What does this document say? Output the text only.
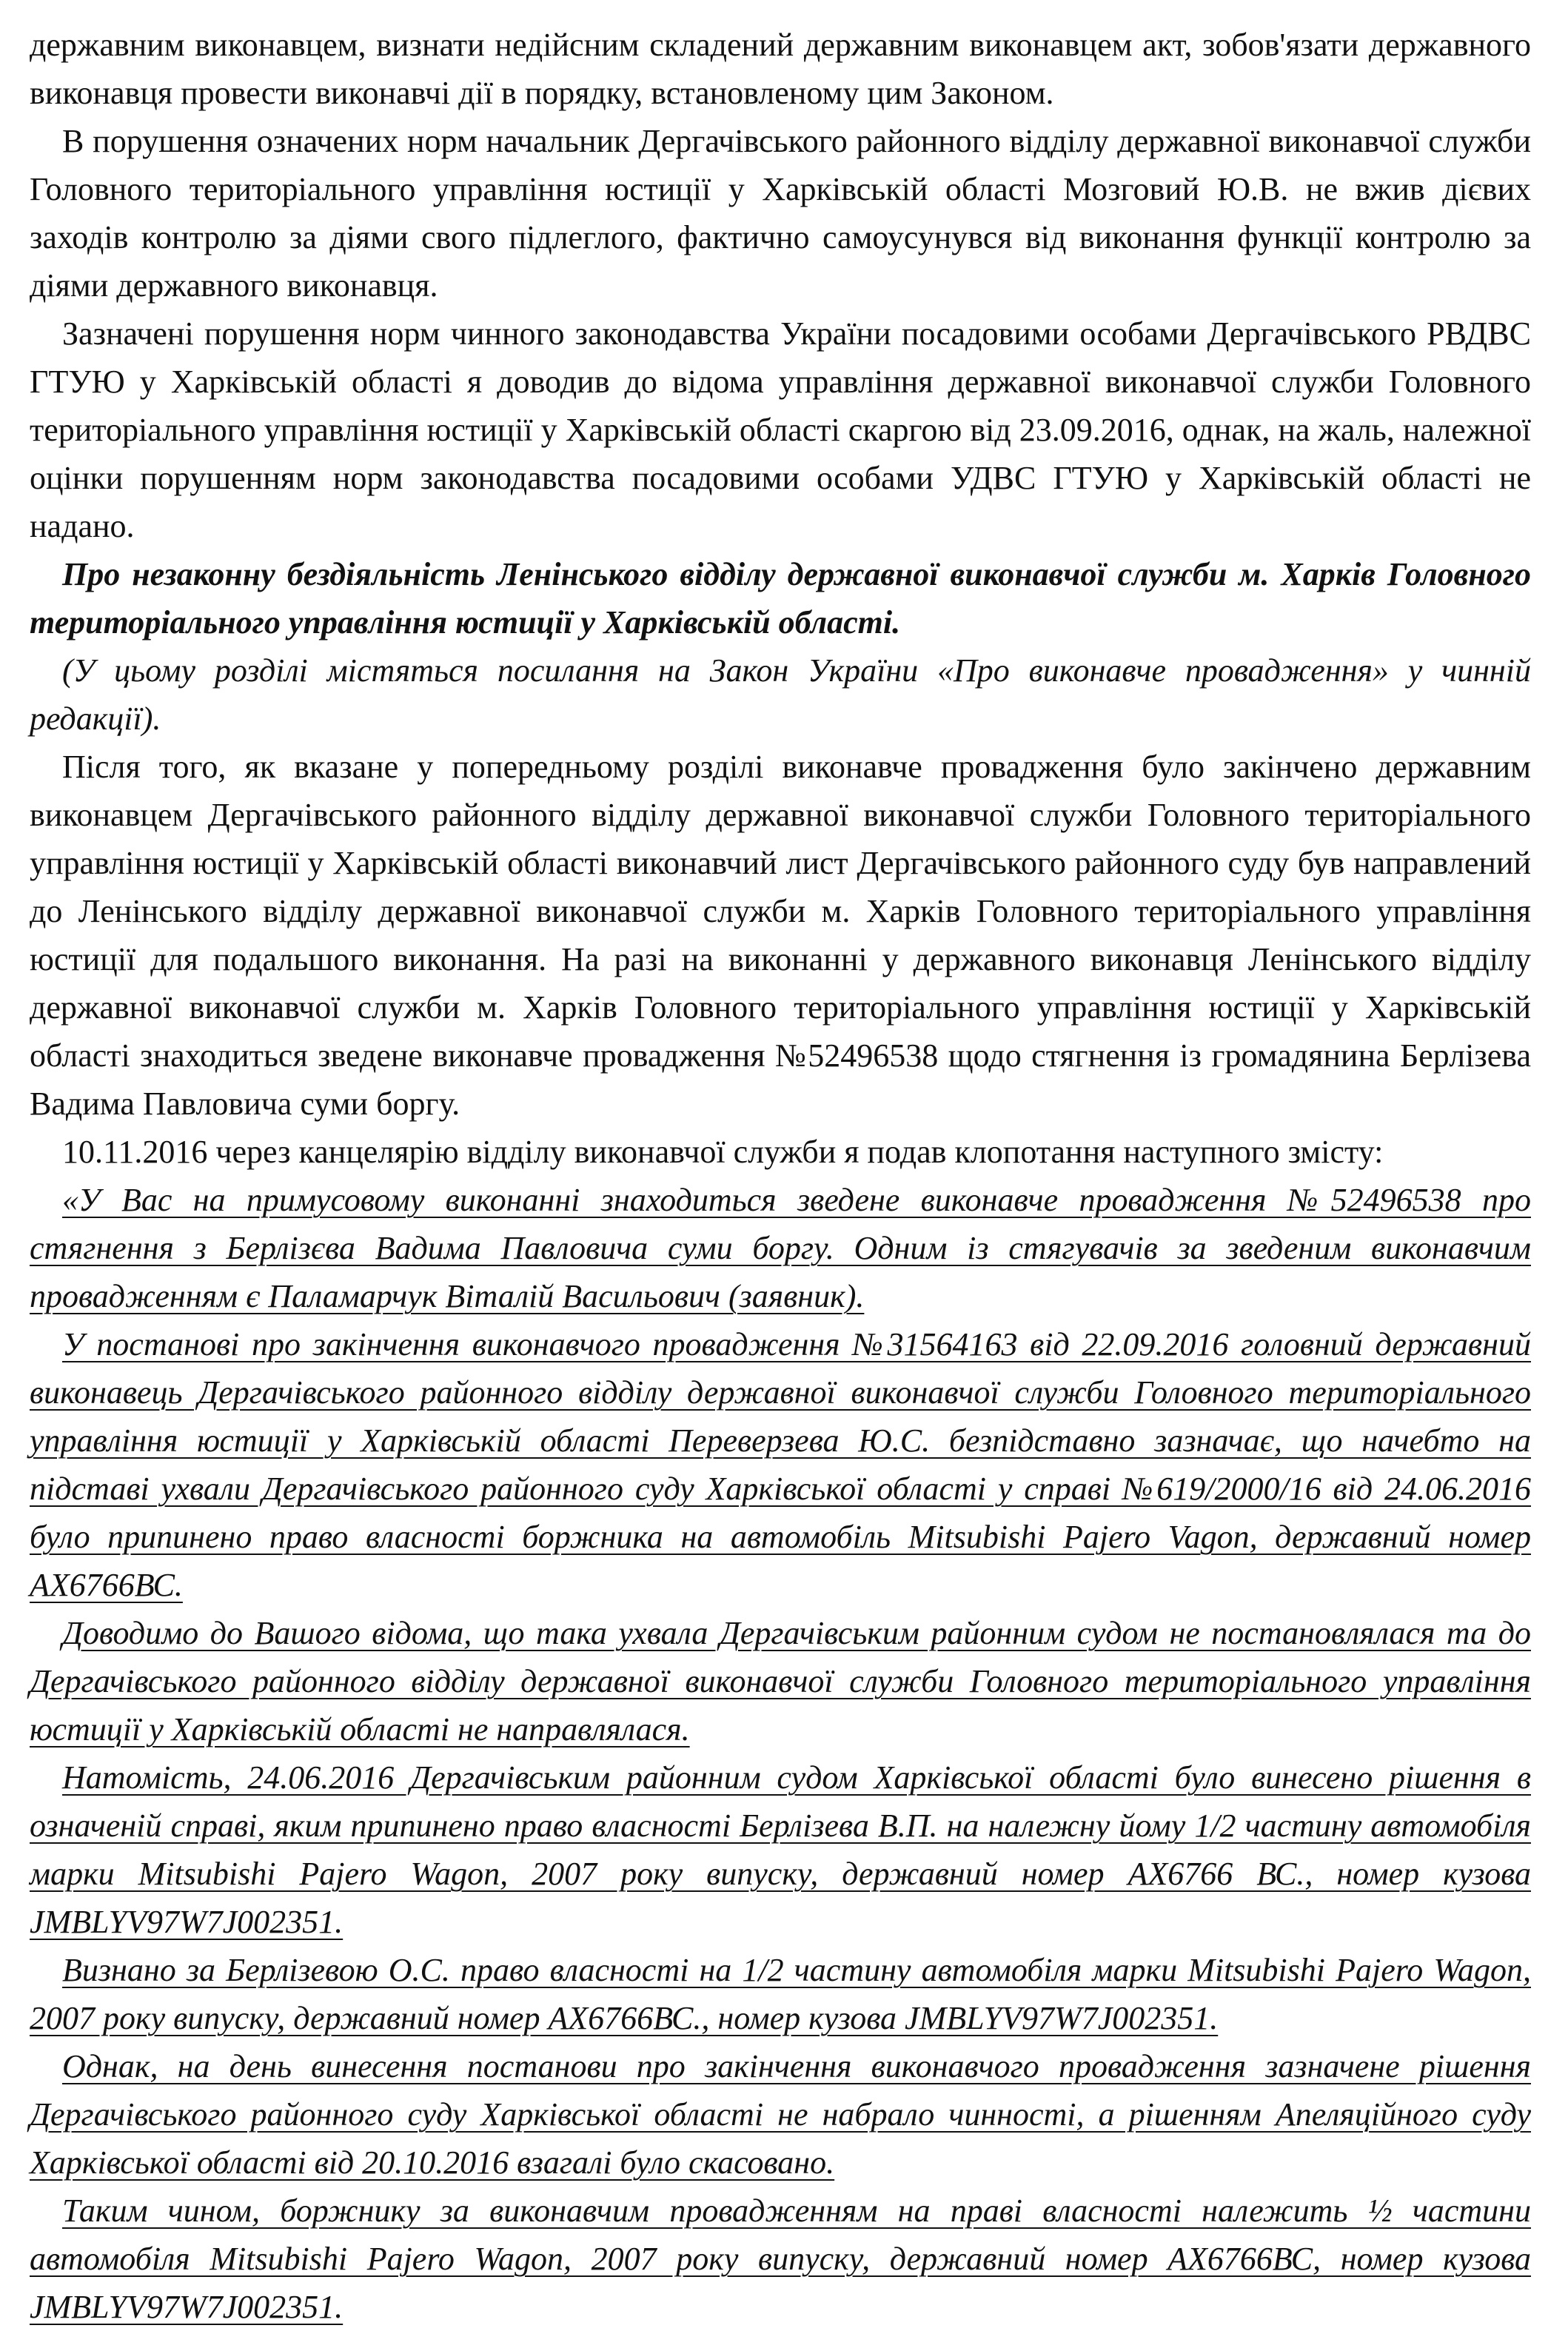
державним виконавцем, визнати недійсним складений державним виконавцем акт, зобов'язати державного виконавця провести виконавчі дії в порядку, встановленому цим Законом.

В порушення означених норм начальник Дергачівського районного відділу державної виконавчої служби Головного територіального управління юстиції у Харківській області Мозговий Ю.В. не вжив дієвих заходів контролю за діями свого підлеглого, фактично самоусунувся від виконання функції контролю за діями державного виконавця.

Зазначені порушення норм чинного законодавства України посадовими особами Дергачівського РВДВС ГТУЮ у Харківській області я доводив до відома управління державної виконавчої служби Головного територіального управління юстиції у Харківській області скаргою від 23.09.2016, однак, на жаль, належної оцінки порушенням норм законодавства посадовими особами УДВС ГТУЮ у Харківській області не надано.

Про незаконну бездіяльність Ленінського відділу державної виконавчої служби м. Харків Головного територіального управління юстиції у Харківській області.

(У цьому розділі містяться посилання на Закон України «Про виконавче провадження» у чинній редакції).

Після того, як вказане у попередньому розділі виконавче провадження було закінчено державним виконавцем Дергачівського районного відділу державної виконавчої служби Головного територіального управління юстиції у Харківській області виконавчий лист Дергачівського районного суду був направлений до Ленінського відділу державної виконавчої служби м. Харків Головного територіального управління юстиції для подальшого виконання. На разі на виконанні у державного виконавця Ленінського відділу державної виконавчої служби м. Харків Головного територіального управління юстиції у Харківській області знаходиться зведене виконавче провадження №52496538 щодо стягнення із громадянина Берлізева Вадима Павловича суми боргу.

10.11.2016 через канцелярію відділу виконавчої служби я подав клопотання наступного змісту:

«У Вас на примусовому виконанні знаходиться зведене виконавче провадження №52496538 про стягнення з Берлізєва Вадима Павловича суми боргу. Одним із стягувачів за зведеним виконавчим провадженням є Паламарчук Віталій Васильович (заявник).

У постанові про закінчення виконавчого провадження №31564163 від 22.09.2016 головний державний виконавець Дергачівського районного відділу державної виконавчої служби Головного територіального управління юстиції у Харківській області Переверзева Ю.С. безпідставно зазначає, що начебто на підставі ухвали Дергачівського районного суду Харківської області у справі №619/2000/16 від 24.06.2016 було припинено право власності боржника на автомобіль Mitsubishi Pajero Vagon, державний номер АХ6766ВС.

Доводимо до Вашого відома, що така ухвала Дергачівським районним судом не постановлялася та до Дергачівського районного відділу державної виконавчої служби Головного територіального управління юстиції у Харківській області не направлялася.

Натомість, 24.06.2016 Дергачівським районним судом Харківської області було винесено рішення в означеній справі, яким припинено право власності Берлізева В.П. на належну йому 1/2 частину автомобіля марки Mitsubishi Pajero Wagon, 2007 року випуску, державний номер АХ6766 ВС., номер кузова JMBLYV97W7J002351.

Визнано за Берлізевою О.С. право власності на 1/2 частину автомобіля марки Mitsubishi Pajero Wagon, 2007 року випуску, державний номер АХ6766ВС., номер кузова JMBLYV97W7J002351.

Однак, на день винесення постанови про закінчення виконавчого провадження зазначене рішення Дергачівського районного суду Харківської області не набрало чинності, а рішенням Апеляційного суду Харківської області від 20.10.2016 взагалі було скасовано.

Таким чином, боржнику за виконавчим провадженням на праві власності належить ½ частини автомобіля Mitsubishi Pajero Wagon, 2007 року випуску, державний номер АХ6766ВС, номер кузова JMBLYV97W7J002351.
